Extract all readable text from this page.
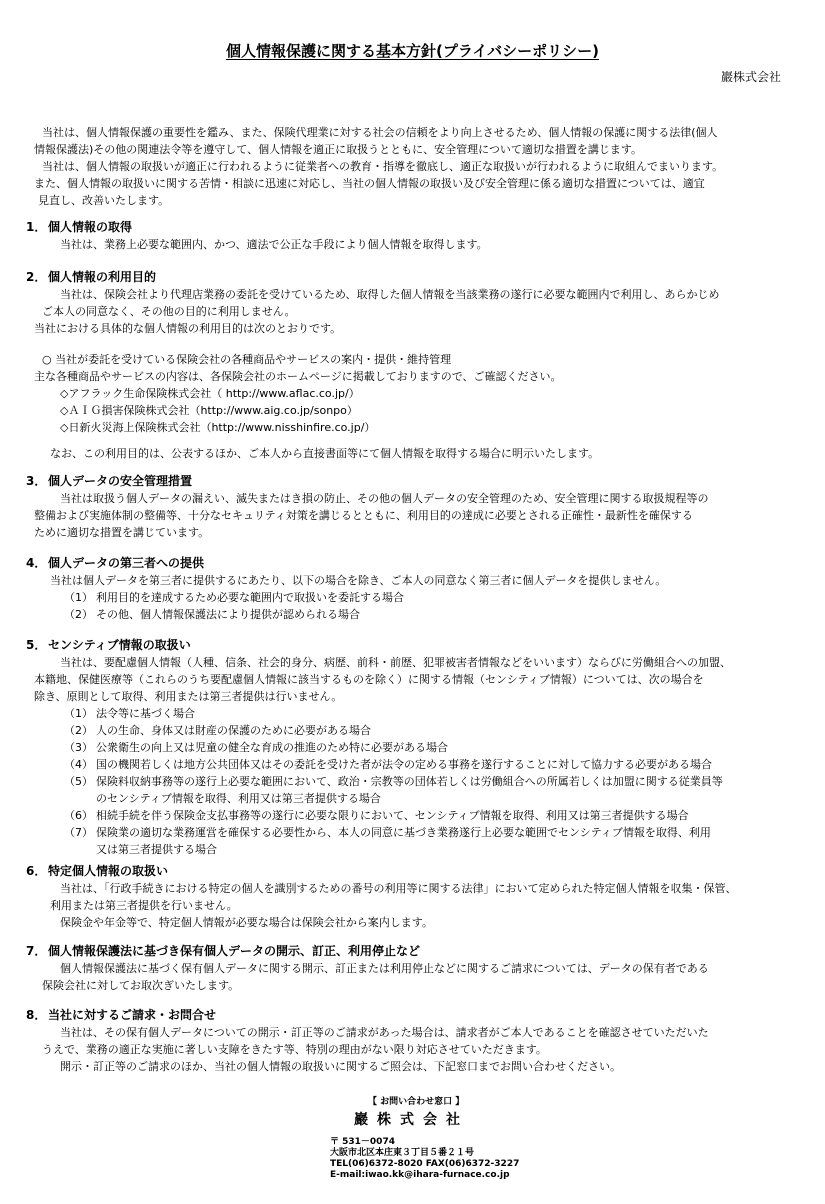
個人情報保護に関する基本方針(プライバシーポリシー)
巖株式会社
当社は、個人情報保護の重要性を鑑み、また、保険代理業に対する社会の信頼をより向上させるため、個人情報の保護に関する法律(個人
情報保護法)その他の関連法令等を遵守して、個人情報を適正に取扱うとともに、安全管理について適切な措置を講じます。
当社は、個人情報の取扱いが適正に行われるように従業者への教育・指導を徹底し、適正な取扱いが行われるように取組んでまいります。
また、個人情報の取扱いに関する苦情・相談に迅速に対応し、当社の個人情報の取扱い及び安全管理に係る適切な措置については、適宜
見直し、改善いたします。
1． 個人情報の取得
当社は、業務上必要な範囲内、かつ、適法で公正な手段により個人情報を取得します。
2． 個人情報の利用目的
当社は、保険会社より代理店業務の委託を受けているため、取得した個人情報を当該業務の遂行に必要な範囲内で利用し、あらかじめ
ご本人の同意なく、その他の目的に利用しません。
当社における具体的な個人情報の利用目的は次のとおりです。
○ 当社が委託を受けている保険会社の各種商品やサービスの案内・提供・維持管理
主な各種商品やサービスの内容は、各保険会社のホームページに掲載しておりますので、ご確認ください。
◇アフラック生命保険株式会社（ http://www.aflac.co.jp/）
◇ＡＩＧ損害保険株式会社（http://www.aig.co.jp/sonpo）
◇日新火災海上保険株式会社（http://www.nisshinfire.co.jp/）
なお、この利用目的は、公表するほか、ご本人から直接書面等にて個人情報を取得する場合に明示いたします。
3． 個人データの安全管理措置
当社は取扱う個人データの漏えい、滅失またはき損の防止、その他の個人データの安全管理のため、安全管理に関する取扱規程等の
整備および実施体制の整備等、十分なセキュリティ対策を講じるとともに、利用目的の達成に必要とされる正確性・最新性を確保する
ために適切な措置を講じています。
4． 個人データの第三者への提供
当社は個人データを第三者に提供するにあたり、以下の場合を除き、ご本人の同意なく第三者に個人データを提供しません。
（1） 利用目的を達成するため必要な範囲内で取扱いを委託する場合
（2） その他、個人情報保護法により提供が認められる場合
5． センシティブ情報の取扱い
当社は、要配慮個人情報（人種、信条、社会的身分、病歴、前科・前歴、犯罪被害者情報などをいいます）ならびに労働組合への加盟、
本籍地、保健医療等（これらのうち要配慮個人情報に該当するものを除く）に関する情報（センシティブ情報）については、次の場合を
除き、原則として取得、利用または第三者提供は行いません。
（1） 法令等に基づく場合
（2） 人の生命、身体又は財産の保護のために必要がある場合
（3） 公衆衛生の向上又は児童の健全な育成の推進のため特に必要がある場合
（4） 国の機関若しくは地方公共団体又はその委託を受けた者が法令の定める事務を遂行することに対して協力する必要がある場合
（5） 保険料収納事務等の遂行上必要な範囲において、政治・宗教等の団体若しくは労働組合への所属若しくは加盟に関する従業員等
のセンシティブ情報を取得、利用又は第三者提供する場合
（6） 相続手続を伴う保険金支払事務等の遂行に必要な限りにおいて、センシティブ情報を取得、利用又は第三者提供する場合
（7） 保険業の適切な業務運営を確保する必要性から、本人の同意に基づき業務遂行上必要な範囲でセンシティブ情報を取得、利用
又は第三者提供する場合
6． 特定個人情報の取扱い
当社は、「行政手続きにおける特定の個人を識別するための番号の利用等に関する法律」において定められた特定個人情報を収集・保管、
利用または第三者提供を行いません。
保険金や年金等で、特定個人情報が必要な場合は保険会社から案内します。
7． 個人情報保護法に基づき保有個人データの開示、訂正、利用停止など
個人情報保護法に基づく保有個人データに関する開示、訂正または利用停止などに関するご請求については、データの保有者である
保険会社に対してお取次ぎいたします。
8． 当社に対するご請求・お問合せ
当社は、その保有個人データについての開示・訂正等のご請求があった場合は、請求者がご本人であることを確認させていただいた
うえで、業務の適正な実施に著しい支障をきたす等、特別の理由がない限り対応させていただきます。
開示・訂正等のご請求のほか、当社の個人情報の取扱いに関するご照会は、下記窓口までお問い合わせください。
【 お問い合わせ窓口 】
巖株式会社
〒 531－0074
大阪市北区本庄東３丁目５番２１号
TEL(06)6372-8020 FAX(06)6372-3227
E-mail:iwao.kk@ihara-furnace.co.jp
